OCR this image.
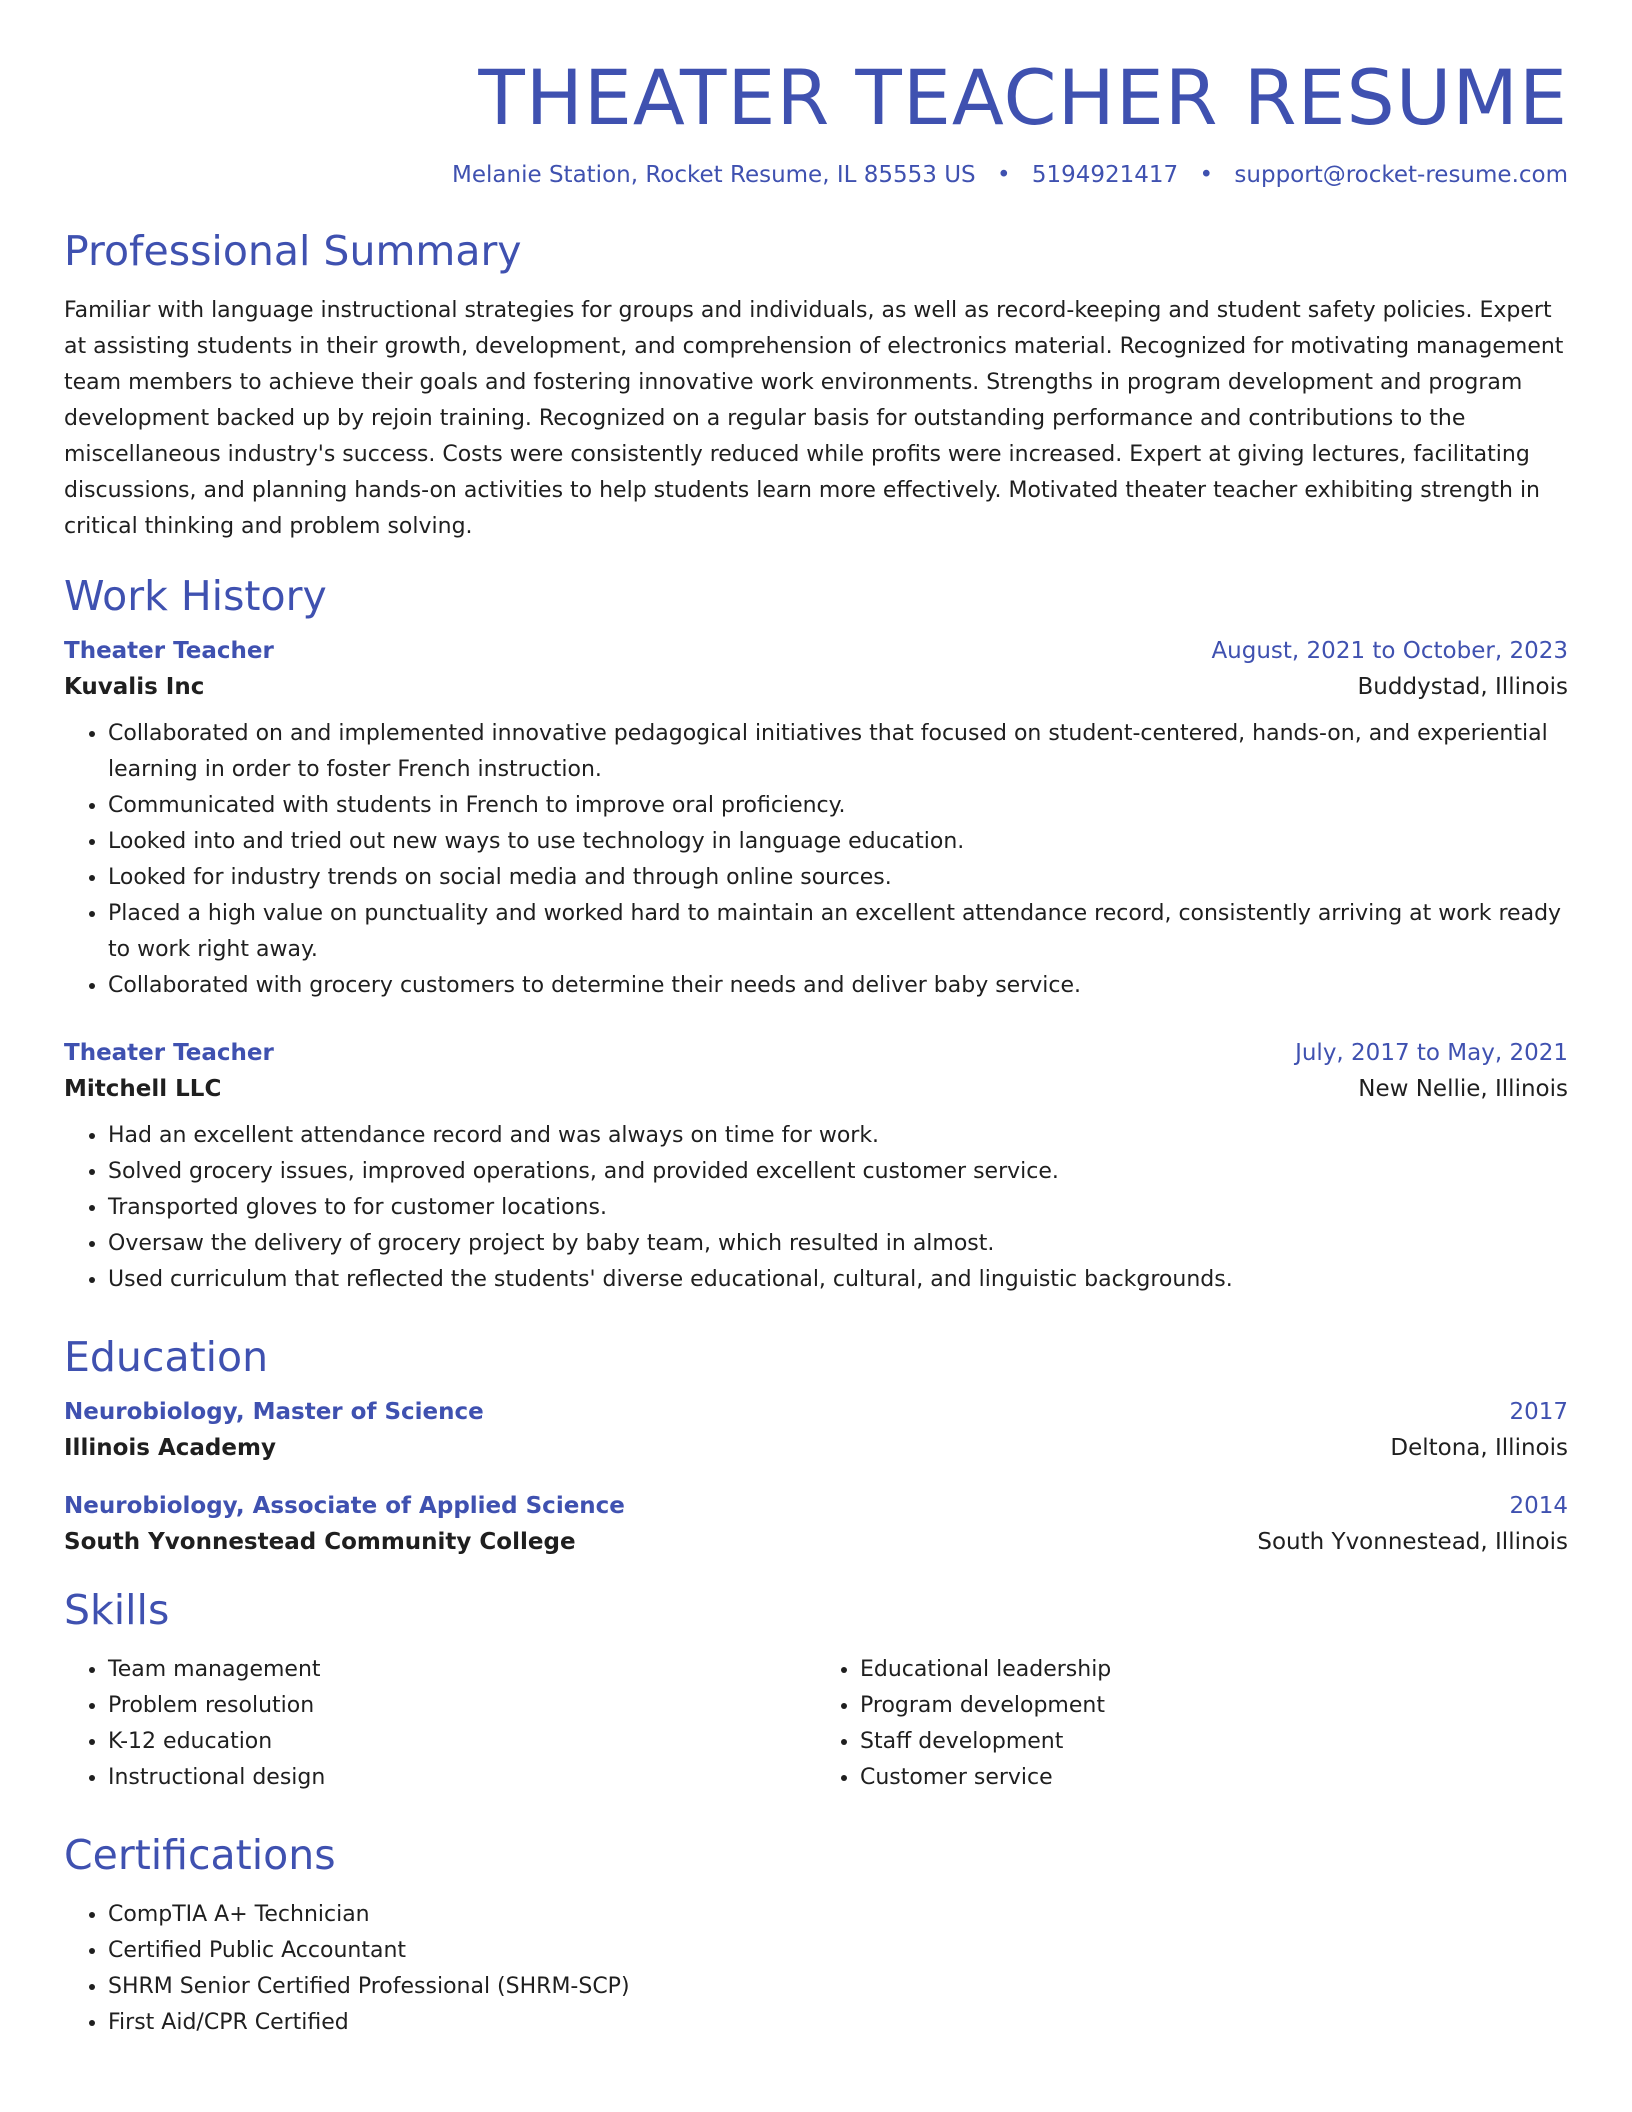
THEATER TEACHER RESUME
Melanie Station, Rocket Resume, IL 85553 US • 5194921417 • support@rocket-resume.com
Professional Summary

Familiar with language instructional strategies for groups and individuals, as well as record-keeping and student safety policies. Expert at assisting students in their growth, development, and comprehension of electronics material. Recognized for motivating management team members to achieve their goals and fostering innovative work environments. Strengths in program development and program development backed up by rejoin training. Recognized on a regular basis for outstanding performance and contributions to the miscellaneous industry's success. Costs were consistently reduced while profits were increased. Expert at giving lectures, facilitating discussions, and planning hands-on activities to help students learn more effectively. Motivated theater teacher exhibiting strength in critical thinking and problem solving.

Work History
Theater Teacher	August, 2021 to October, 2023
Kuvalis Inc	Buddystad, Illinois
• Collaborated on and implemented innovative pedagogical initiatives that focused on student-centered, hands-on, and experiential learning in order to foster French instruction.
• Communicated with students in French to improve oral proficiency.
• Looked into and tried out new ways to use technology in language education.
• Looked for industry trends on social media and through online sources.
• Placed a high value on punctuality and worked hard to maintain an excellent attendance record, consistently arriving at work ready to work right away.
• Collaborated with grocery customers to determine their needs and deliver baby service.
Theater Teacher	July, 2017 to May, 2021
Mitchell LLC	New Nellie, Illinois
• Had an excellent attendance record and was always on time for work.
• Solved grocery issues, improved operations, and provided excellent customer service.
• Transported gloves to for customer locations.
• Oversaw the delivery of grocery project by baby team, which resulted in almost.
• Used curriculum that reflected the students' diverse educational, cultural, and linguistic backgrounds.
Education
Neurobiology, Master of Science	2017
Illinois Academy	Deltona, Illinois
Neurobiology, Associate of Applied Science	2014
South Yvonnestead Community College	South Yvonnestead, Illinois
Skills
• Team management
• Problem resolution
• K-12 education
• Instructional design
• Educational leadership
• Program development
• Staff development
• Customer service
Certifications
• CompTIA A+ Technician
• Certified Public Accountant
• SHRM Senior Certified Professional (SHRM-SCP)
• First Aid/CPR Certified
